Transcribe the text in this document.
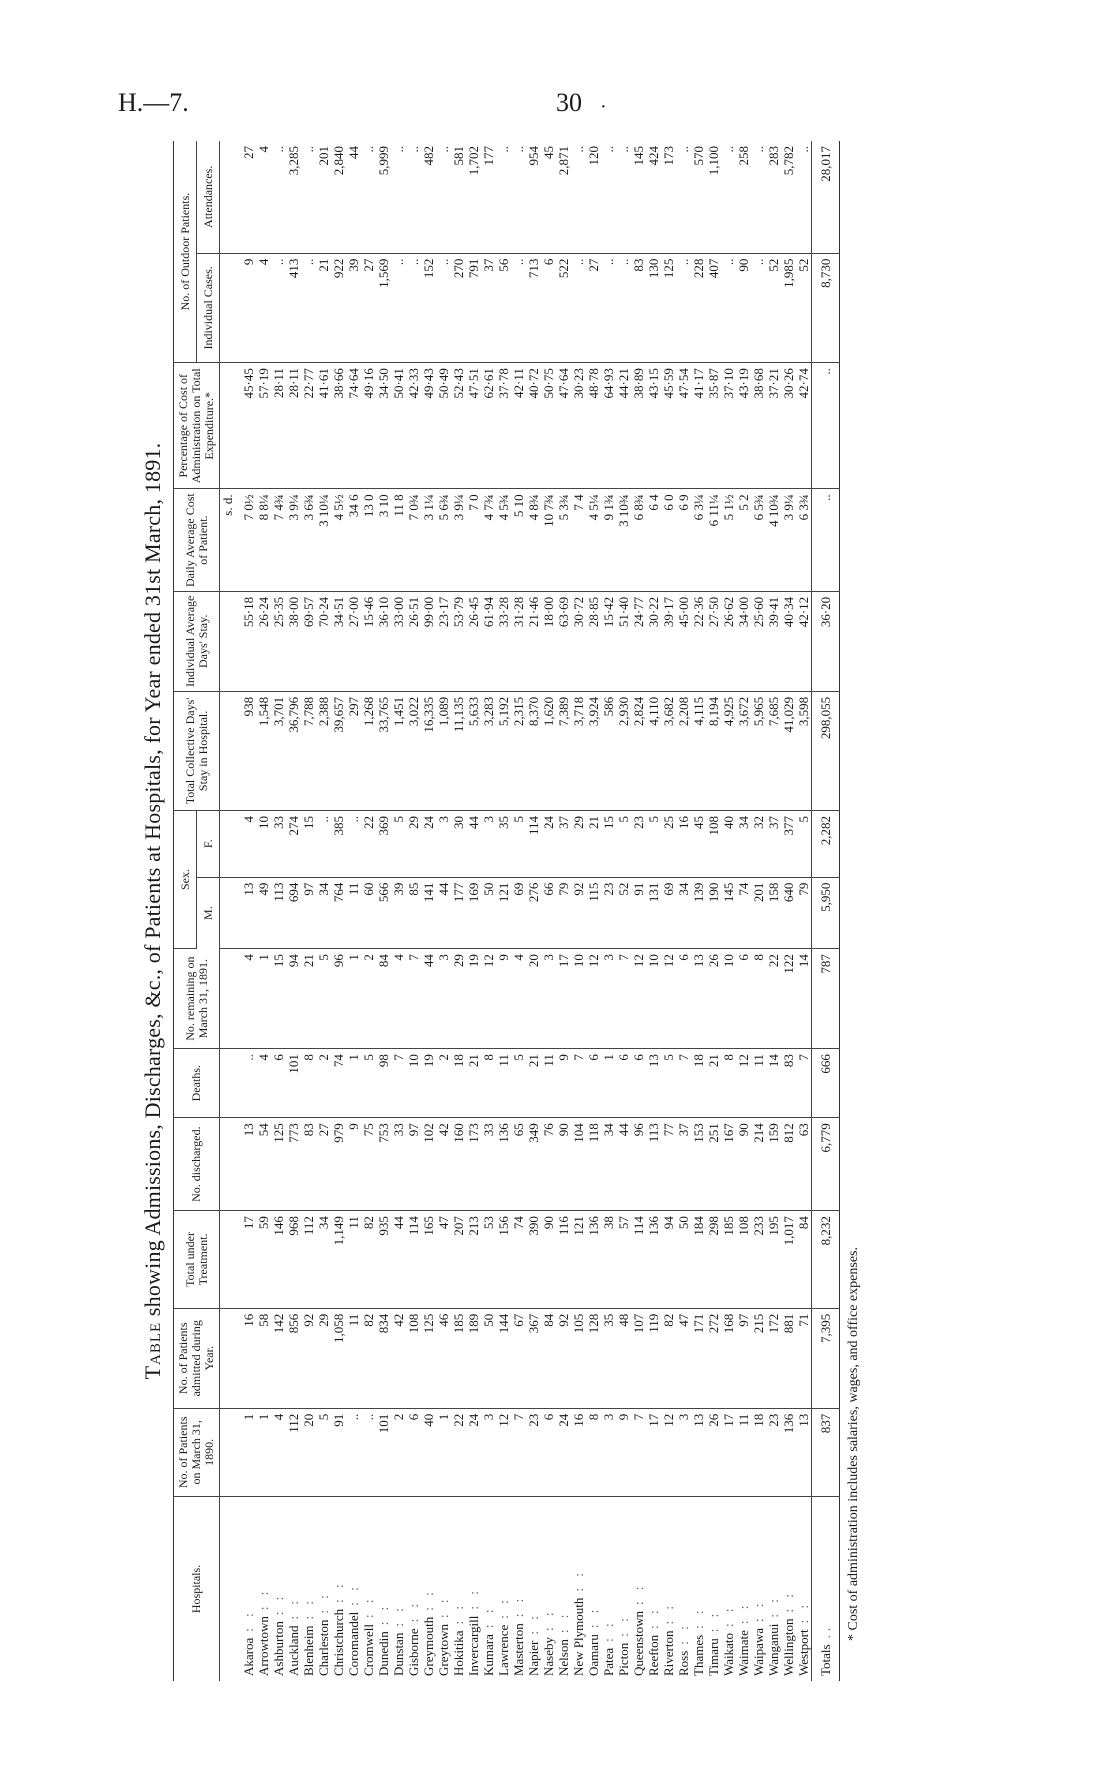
H.—7.	30 ·
Table showing Admissions, Discharges, &c., of Patients at Hospitals, for Year ended 31st March, 1891.
Hospitals.	No. of Patients on March 31, 1890.	No. of Patients admitted during Year.	Total under Treatment.	No. discharged.	Deaths.	No. remaining on March 31, 1891.	Sex.		Total Collective Days' Stay in Hospital.	Individual Average Days' Stay.	Daily Average Cost of Patient.	Percentage of Cost of Administration on Total Expenditure.*	No. of Outdoor Patients.	
							M.	F.					Individual Cases.	Attendances.
											s. d.			
Akaroa: :	1	16	17	13	..	4	13	4	938	55·18	7 0½	45·45	9	27
Arrowtown: :	1	58	59	54	4	1	49	10	1,548	26·24	8 8¼	57·19	4	4
Ashburton: :	4	142	146	125	6	15	113	33	3,701	25·35	7 4¾	28·11	..	..
Auckland: :	112	856	968	773	101	94	694	274	36,796	38·00	3 9¼	28·11	413	3,285
Blenheim: :	20	92	112	83	8	21	97	15	7,788	69·57	3 6¾	22·77	..	..
Charleston: :	5	29	34	27	2	5	34	..	2,388	70·24	3 10¼	41·61	21	201
Christchurch: :	91	1,058	1,149	979	74	96	764	385	39,657	34·51	4 5½	38·66	922	2,840
Coromandel: :	..	11	11	9	1	1	11	..	297	27·00	34 6	74·64	39	44
Cromwell: :	..	82	82	75	5	2	60	22	1,268	15·46	13 0	49·16	27	..
Dunedin: :	101	834	935	753	98	84	566	369	33,765	36·10	3 10	34·50	1,569	5,999
Dunstan: :	2	42	44	33	7	4	39	5	1,451	33·00	11 8	50·41	..	..
Gisborne: :	6	108	114	97	10	7	85	29	3,022	26·51	7 0¾	42·33	..	..
Greymouth: :	40	125	165	102	19	44	141	24	16,335	99·00	3 1¼	49·43	152	482
Greytown: :	1	46	47	42	2	3	44	3	1,089	23·17	5 6¾	50·49	..	..
Hokitika: :	22	185	207	160	18	29	177	30	11,135	53·79	3 9¼	52·43	270	581
Invercargill: :	24	189	213	173	21	19	169	44	5,633	26·45	7 0	47·51	791	1,702
Kumara: :	3	50	53	33	8	12	50	3	3,283	61·94	4 7¾	62·61	37	177
Lawrence: :	12	144	156	136	11	9	121	35	5,192	33·28	4 5¾	37·78	56	..
Masterton: :	7	67	74	65	5	4	69	5	2,315	31·28	5 10	42·11	..	..
Napier: :	23	367	390	349	21	20	276	114	8,370	21·46	4 8¾	40·72	713	954
Naseby: :	6	84	90	76	11	3	66	24	1,620	18·00	10 7¾	50·75	6	45
Nelson: :	24	92	116	90	9	17	79	37	7,389	63·69	5 3¾	47·64	522	2,871
New Plymouth: :	16	105	121	104	7	10	92	29	3,718	30·72	7 4	30·23	..	..
Oamaru: :	8	128	136	118	6	12	115	21	3,924	28·85	4 5¼	48·78	27	120
Patea: :	3	35	38	34	1	3	23	15	586	15·42	9 1¾	64·93	..	..
Picton: :	9	48	57	44	6	7	52	5	2,930	51·40	3 10¾	44·21	..	..
Queenstown: :	7	107	114	96	6	12	91	23	2,824	24·77	6 8¾	38·89	83	145
Reefton: :	17	119	136	113	13	10	131	5	4,110	30·22	6 4	43·15	130	424
Riverton: :	12	82	94	77	5	12	69	25	3,682	39·17	6 0	45·59	125	173
Ross: :	3	47	50	37	7	6	34	16	2,208	45·00	6 9	47·54	..	..
Thames: :	13	171	184	153	18	13	139	45	4,115	22·36	6 3¼	41·17	228	570
Timaru: :	26	272	298	251	21	26	190	108	8,194	27·50	6 11¼	35·87	407	1,100
Waikato: :	17	168	185	167	8	10	145	40	4,925	26·62	5 1½	37·10	..	..
Waimate: :	11	97	108	90	12	6	74	34	3,672	34·00	5 2	43·19	90	258
Waipawa: :	18	215	233	214	11	8	201	32	5,965	25·60	6 5¾	38·68	..	..
Wanganui: :	23	172	195	159	14	22	158	37	7,685	39·41	4 10¾	37·21	52	283
Wellington: :	136	881	1,017	812	83	122	640	377	41,029	40·34	3 9¼	30·26	1,985	5,782
Westport: :	13	71	84	63	7	14	79	5	3,598	42·12	6 3¾	42·74	52	..
Totals..	837	7,395	8,232	6,779	666	787	5,950	2,282	298,055	36·20	..	..	8,730	28,017
* Cost of administration includes salaries, wages, and office expenses.
